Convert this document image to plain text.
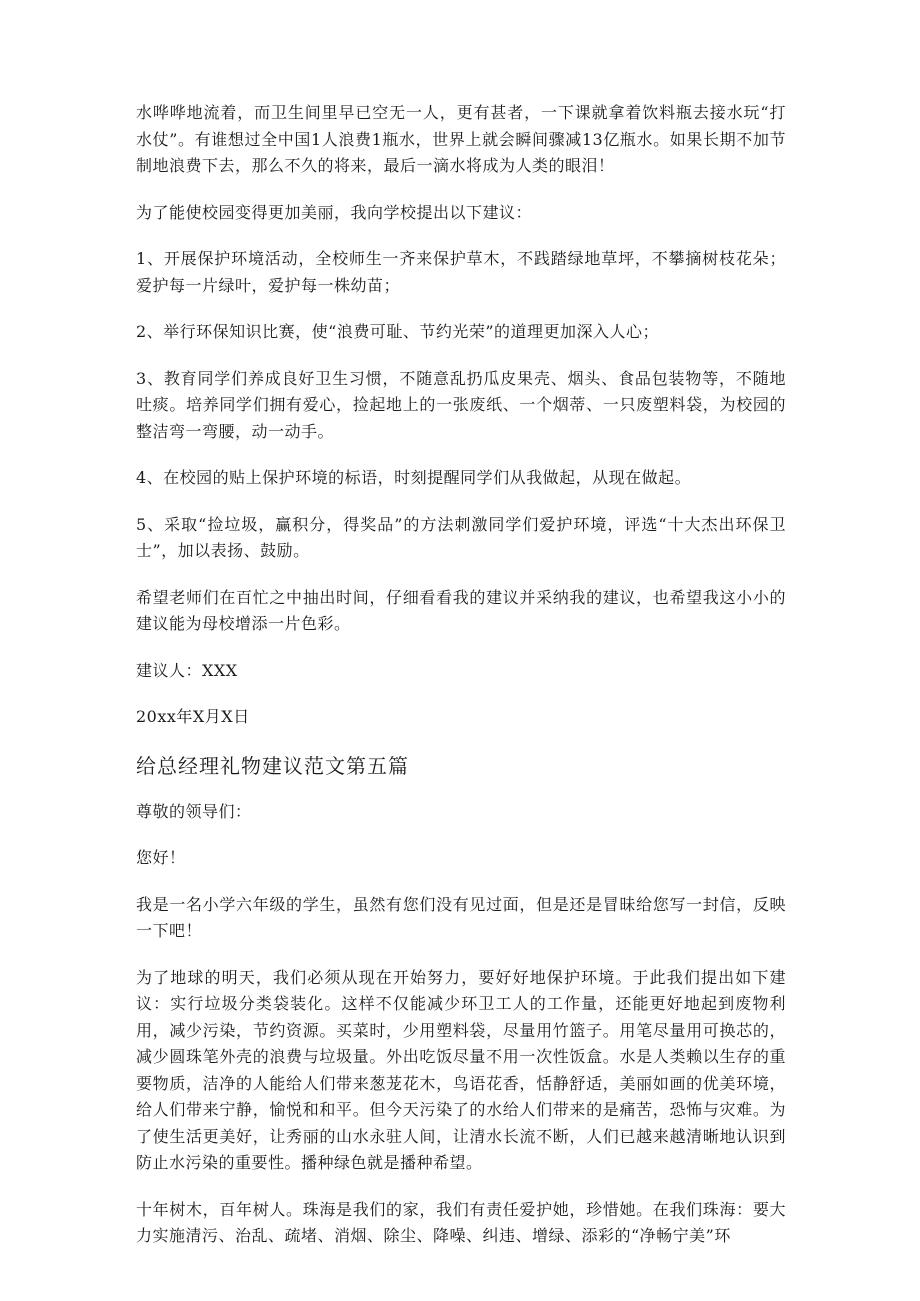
水哗哗地流着，而卫生间里早已空无一人，更有甚者，一下课就拿着饮料瓶去接水玩“打水仗”。有谁想过全中国1人浪费1瓶水，世界上就会瞬间骤减13亿瓶水。如果长期不加节制地浪费下去，那么不久的将来，最后一滴水将成为人类的眼泪！

为了能使校园变得更加美丽，我向学校提出以下建议：

1、开展保护环境活动，全校师生一齐来保护草木，不践踏绿地草坪，不攀摘树枝花朵；爱护每一片绿叶，爱护每一株幼苗；

2、举行环保知识比赛，使“浪费可耻、节约光荣”的道理更加深入人心；

3、教育同学们养成良好卫生习惯，不随意乱扔瓜皮果壳、烟头、食品包装物等，不随地吐痰。培养同学们拥有爱心，捡起地上的一张废纸、一个烟蒂、一只废塑料袋，为校园的整洁弯一弯腰，动一动手。

4、在校园的贴上保护环境的标语，时刻提醒同学们从我做起，从现在做起。

5、采取“捡垃圾，赢积分，得奖品”的方法刺激同学们爱护环境，评选“十大杰出环保卫士”，加以表扬、鼓励。

希望老师们在百忙之中抽出时间，仔细看看我的建议并采纳我的建议，也希望我这小小的建议能为母校增添一片色彩。

建议人：XXX

20xx年X月X日

给总经理礼物建议范文第五篇

尊敬的领导们：

您好！

我是一名小学六年级的学生，虽然有您们没有见过面，但是还是冒昧给您写一封信，反映一下吧！

为了地球的明天，我们必须从现在开始努力，要好好地保护环境。于此我们提出如下建议：实行垃圾分类袋装化。这样不仅能减少环卫工人的工作量，还能更好地起到废物利用，减少污染，节约资源。买菜时，少用塑料袋，尽量用竹篮子。用笔尽量用可换芯的，减少圆珠笔外壳的浪费与垃圾量。外出吃饭尽量不用一次性饭盒。水是人类赖以生存的重要物质，洁净的人能给人们带来葱茏花木，鸟语花香，恬静舒适，美丽如画的优美环境，给人们带来宁静，愉悦和和平。但今天污染了的水给人们带来的是痛苦，恐怖与灾难。为了使生活更美好，让秀丽的山水永驻人间，让清水长流不断，人们已越来越清晰地认识到防止水污染的重要性。播种绿色就是播种希望。

十年树木，百年树人。珠海是我们的家，我们有责任爱护她，珍惜她。在我们珠海：要大力实施清污、治乱、疏堵、消烟、除尘、降噪、纠违、增绿、添彩的“净畅宁美”环
